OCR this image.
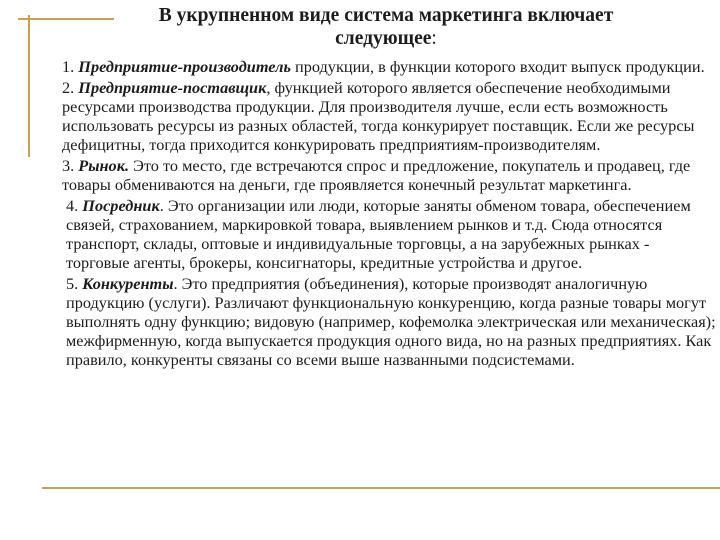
В укрупненном виде система маркетинга включает
следующее:

1. Предприятие-производитель продукции, в функции которого входит выпуск продукции.

2. Предприятие-поставщик, функцией которого является обеспечение необходимыми ресурсами производства продукции. Для производителя лучше, если есть возможность использовать ресурсы из разных областей, тогда конкурирует поставщик. Если же ресурсы дефицитны, тогда приходится конкурировать предприятиям-производителям.

3. Рынок. Это то место, где встречаются спрос и предложение, покупатель и продавец, где товары обмениваются на деньги, где проявляется конечный результат маркетинга.

4. Посредник. Это организации или люди, которые заняты обменом товара, обеспечением связей, страхованием, маркировкой товара, выявлением рынков и т.д. Сюда относятся транспорт, склады, оптовые и индивидуальные торговцы, а на зарубежных рынках - торговые агенты, брокеры, консигнаторы, кредитные устройства и другое.

5. Конкуренты. Это предприятия (объединения), которые производят аналогичную продукцию (услуги). Различают функциональную конкуренцию, когда разные товары могут выполнять одну функцию; видовую (например, кофемолка электрическая или механическая); межфирменную, когда выпускается продукция одного вида, но на разных предприятиях. Как правило, конкуренты связаны со всеми выше названными подсистемами.
